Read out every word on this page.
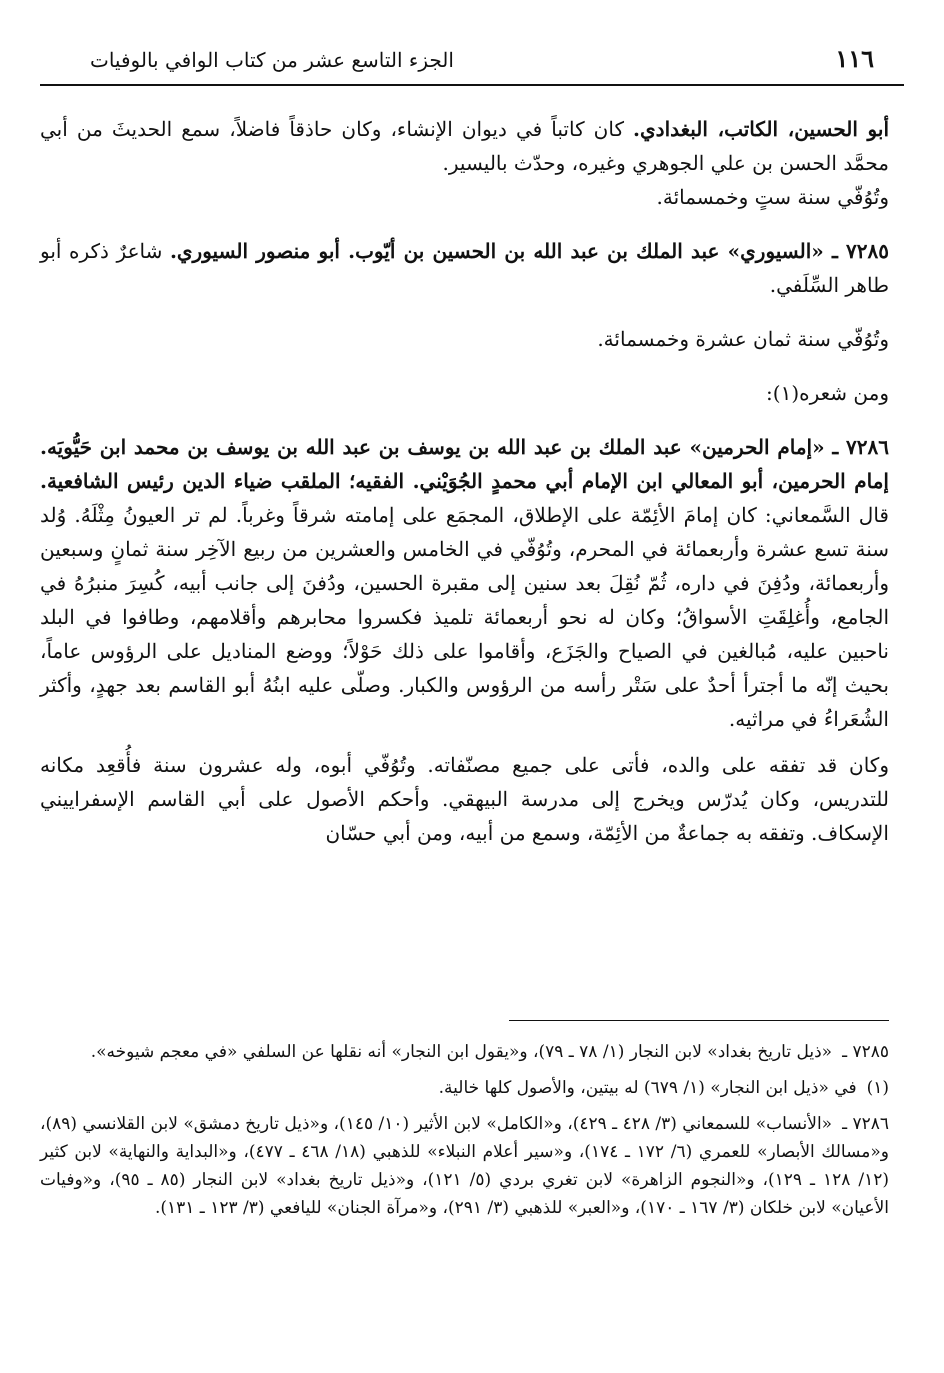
١١٦
الجزء التاسع عشر من كتاب الوافي بالوفيات

أبو الحسين، الكاتب، البغدادي. كان كاتباً في ديوان الإنشاء، وكان حاذقاً فاضلاً، سمع الحديثَ من أبي محمَّد الحسن بن علي الجوهري وغيره، وحدّث باليسير.

وتُوُفّي سنة ستٍ وخمسمائة.

٧٢٨٥ ـ «السيوري» عبد الملك بن عبد الله بن الحسين بن أيّوب. أبو منصور السيوري. شاعرٌ ذكره أبو طاهر السِّلَفي.

وتُوُفّي سنة ثمان عشرة وخمسمائة.

ومن شعره(١):

٧٢٨٦ ـ «إمام الحرمين» عبد الملك بن عبد الله بن يوسف بن عبد الله بن يوسف بن محمد ابن حَيُّويَه. إمام الحرمين، أبو المعالي ابن الإمام أبي محمدٍ الجُوَيْني. الفقيه؛ الملقب ضياء الدين رئيس الشافعية. قال السَّمعاني: كان إمامَ الأئِمّة على الإطلاق، المجمَع على إمامته شرقاً وغرباً. لم تر العيونُ مِثْلَهُ. وُلد سنة تسع عشرة وأربعمائة في المحرم، وتُوُفّي في الخامس والعشرين من ربيع الآخِر سنة ثمانٍ وسبعين وأربعمائة، ودُفِنَ في داره، ثُمّ نُقِلَ بعد سنين إلى مقبرة الحسين، ودُفنَ إلى جانب أبيه، كُسِرَ منبرُهُ في الجامع، وأُغلِقَتِ الأسواقُ؛ وكان له نحو أربعمائة تلميذ فكسروا محابرهم وأقلامهم، وطافوا في البلد ناحبين عليه، مُبالغين في الصياح والجَزَع، وأقاموا على ذلك حَوْلاً؛ ووضع المناديل على الرؤوس عاماً، بحيث إنّه ما أجترأ أحدٌ على سَتْر رأسه من الرؤوس والكبار. وصلّى عليه ابنُهُ أبو القاسم بعد جهدٍ، وأكثر الشُعَراءُ في مراثيه.

وكان قد تفقه على والده، فأتى على جميع مصنّفاته. وتُوُفّي أبوه، وله عشرون سنة فأُقعِد مكانه للتدريس، وكان يُدرّس ويخرج إلى مدرسة البيهقي. وأحكم الأصول على أبي القاسم الإسفراييني الإسكاف. وتفقه به جماعةٌ من الأئِمّة، وسمع من أبيه، ومن أبي حسّان

٧٢٨٥ ـ«ذيل تاريخ بغداد» لابن النجار (١/ ٧٨ ـ ٧٩)، و«يقول ابن النجار» أنه نقلها عن السلفي «في معجم شيوخه».

(١)في «ذيل ابن النجار» (١/ ٦٧٩) له بيتين، والأصول كلها خالية.

٧٢٨٦ ـ«الأنساب» للسمعاني (٣/ ٤٢٨ ـ ٤٢٩)، و«الكامل» لابن الأثير (١٠/ ١٤٥)، و«ذيل تاريخ دمشق» لابن القلانسي (٨٩)، و«مسالك الأبصار» للعمري (٦/ ١٧٢ ـ ١٧٤)، و«سير أعلام النبلاء» للذهبي (١٨/ ٤٦٨ ـ ٤٧٧)، و«البداية والنهاية» لابن كثير (١٢/ ١٢٨ ـ ١٢٩)، و«النجوم الزاهرة» لابن تغري بردي (٥/ ١٢١)، و«ذيل تاريخ بغداد» لابن النجار (٨٥ ـ ٩٥)، و«وفيات الأعيان» لابن خلكان (٣/ ١٦٧ ـ ١٧٠)، و«العبر» للذهبي (٣/ ٢٩١)، و«مرآة الجنان» لليافعي (٣/ ١٢٣ ـ ١٣١).
